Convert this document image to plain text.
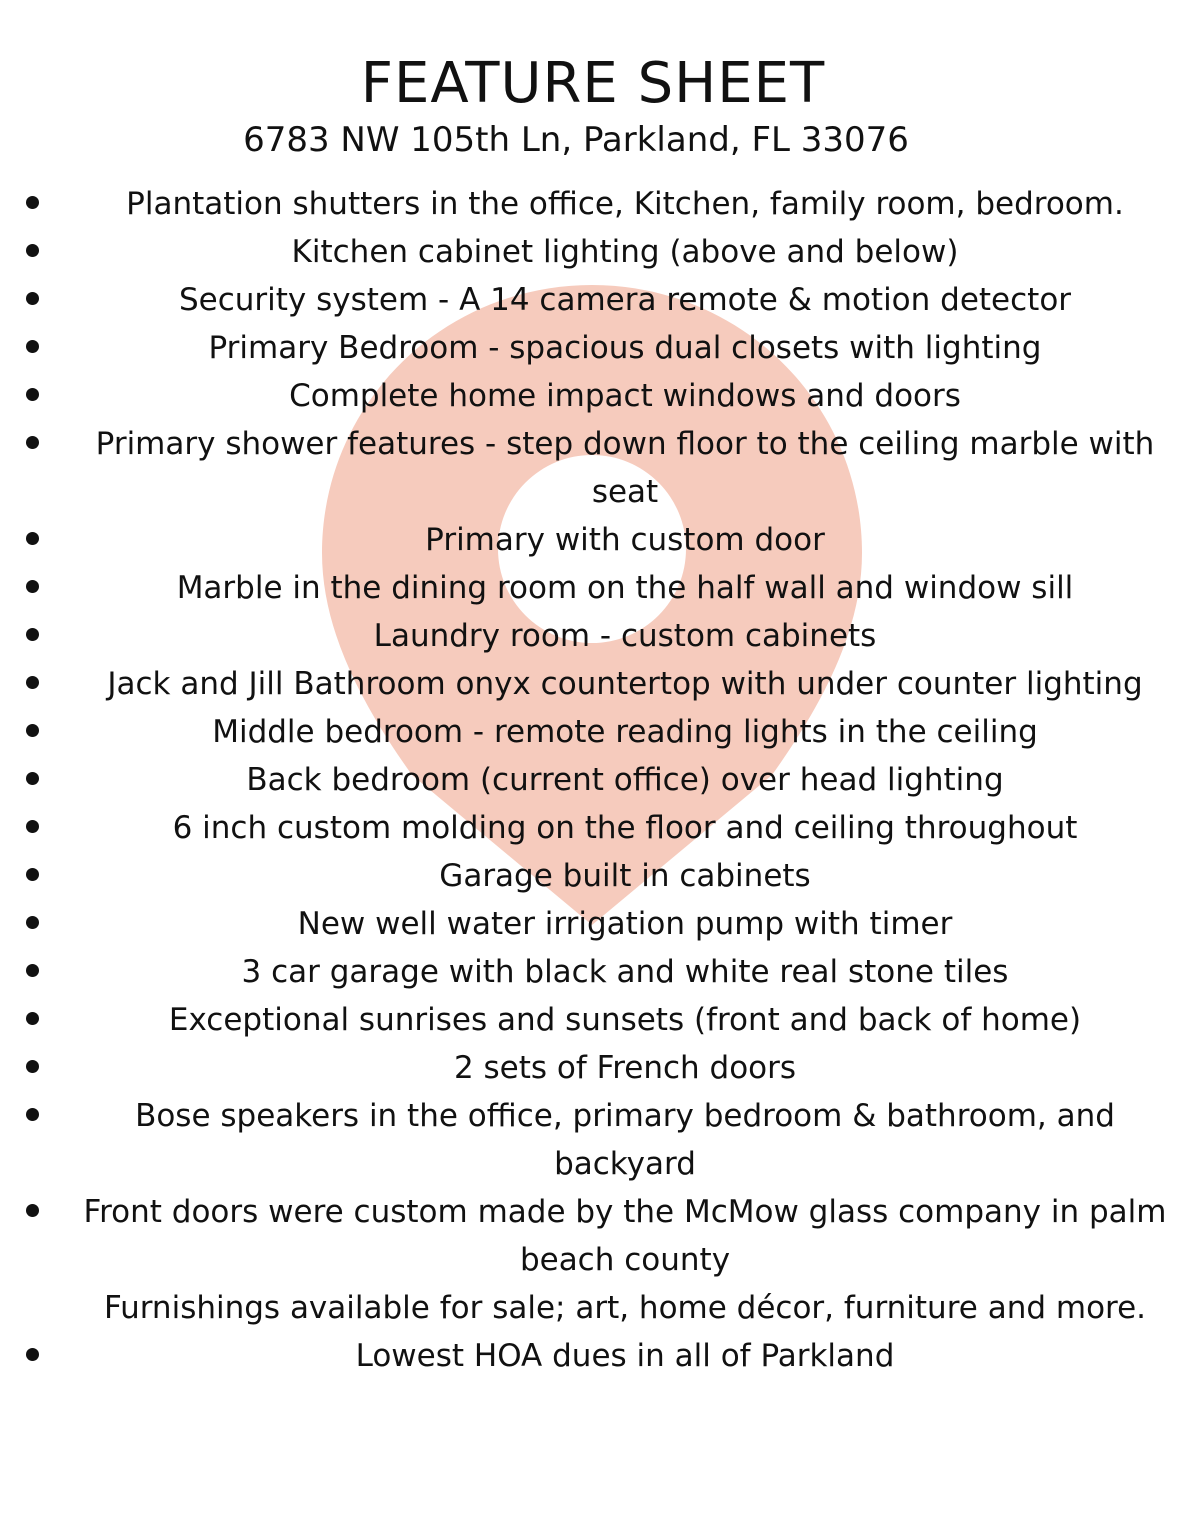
FEATURE SHEET
6783 NW 105th Ln, Parkland, FL 33076
Plantation shutters in the office, Kitchen, family room, bedroom.
Kitchen cabinet lighting (above and below)
Security system - A 14 camera remote & motion detector
Primary Bedroom - spacious dual closets with lighting
Complete home impact windows and doors
Primary shower features - step down floor to the ceiling marble with seat
Primary with custom door
Marble in the dining room on the half wall and window sill
Laundry room - custom cabinets
Jack and Jill Bathroom onyx countertop with under counter lighting
Middle bedroom - remote reading lights in the ceiling
Back bedroom (current office) over head lighting
6 inch custom molding on the floor and ceiling throughout
Garage built in cabinets
New well water irrigation pump with timer
3 car garage with black and white real stone tiles
Exceptional sunrises and sunsets (front and back of home)
2 sets of French doors
Bose speakers in the office, primary bedroom & bathroom, and backyard
Front doors were custom made by the McMow glass company in palm beach county
Furnishings available for sale; art, home décor, furniture and more.
Lowest HOA dues in all of Parkland
